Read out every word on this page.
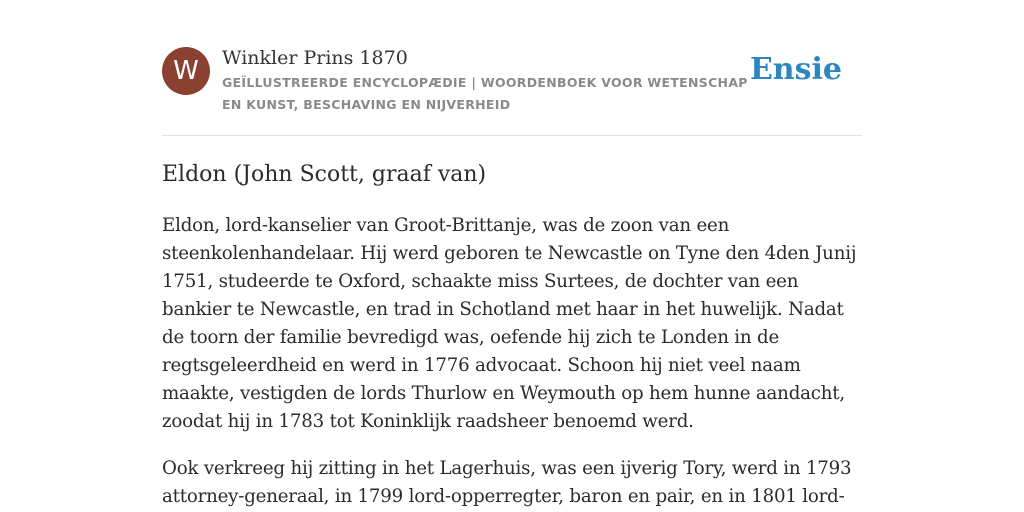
W	Winkler Prins 1870
GEÏLLUSTREERDE ENCYCLOPÆDIE | WOORDENBOEK VOOR WETENSCHAP EN KUNST, BESCHAVING EN NIJVERHEID
Ensie
Eldon (John Scott, graaf van)

Eldon, lord-kanselier van Groot-Brittanje, was de zoon van een steenkolenhandelaar. Hij werd geboren te Newcastle on Tyne den 4den Junij 1751, studeerde te Oxford, schaakte miss Surtees, de dochter van een bankier te Newcastle, en trad in Schotland met haar in het huwelijk. Nadat de toorn der familie bevredigd was, oefende hij zich te Londen in de regtsgeleerdheid en werd in 1776 advocaat. Schoon hij niet veel naam maakte, vestigden de lords Thurlow en Weymouth op hem hunne aandacht, zoodat hij in 1783 tot Koninklijk raadsheer benoemd werd.

Ook verkreeg hij zitting in het Lagerhuis, was een ijverig Tory, werd in 1793 attorney-generaal, in 1799 lord-opperregter, baron en pair, en in 1801 lord-
